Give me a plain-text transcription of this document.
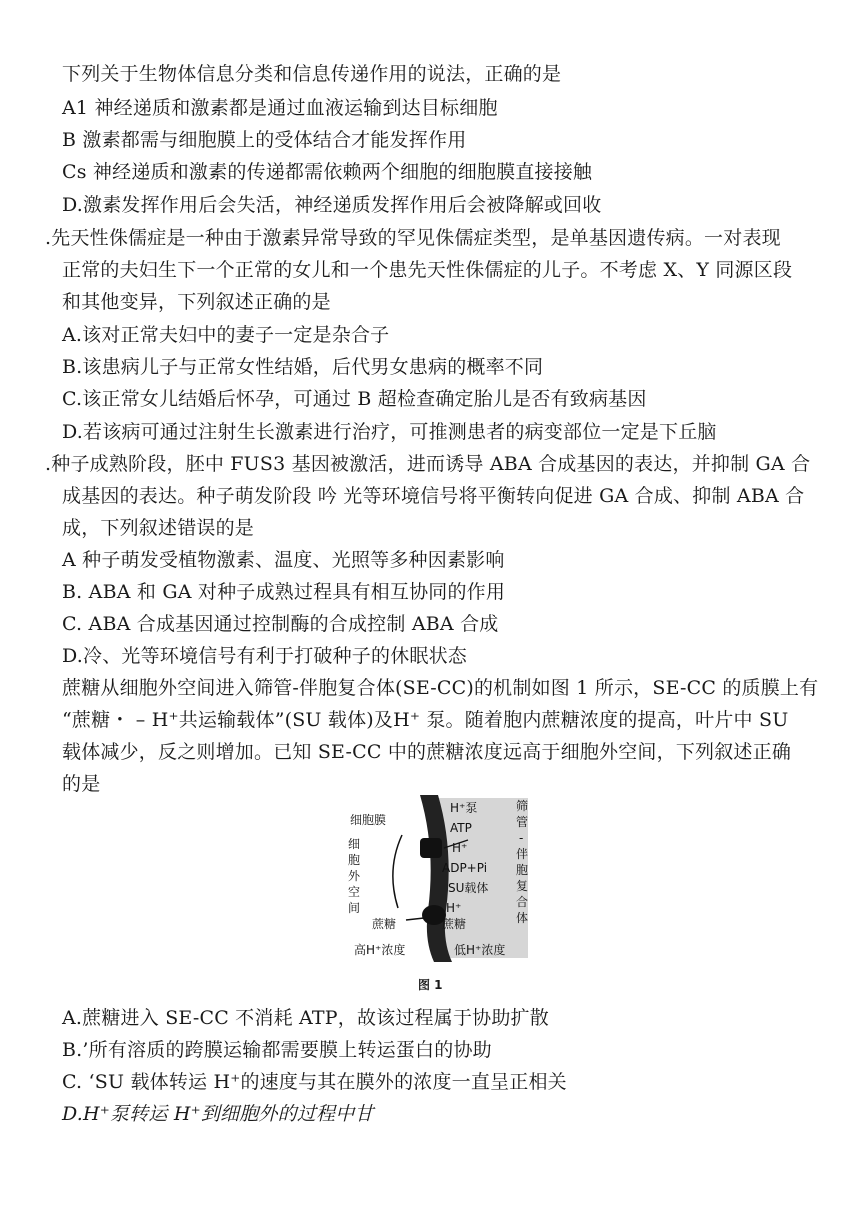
下列关于生物体信息分类和信息传递作用的说法，正确的是
A1 神经递质和激素都是通过血液运输到达目标细胞
B 激素都需与细胞膜上的受体结合才能发挥作用
Cs 神经递质和激素的传递都需依赖两个细胞的细胞膜直接接触
D.激素发挥作用后会失活，神经递质发挥作用后会被降解或回收
.先天性侏儒症是一种由于激素异常导致的罕见侏儒症类型，是单基因遗传病。一对表现
正常的夫妇生下一个正常的女儿和一个患先天性侏儒症的儿子。不考虑 X、Y 同源区段
和其他变异，下列叙述正确的是
A.该对正常夫妇中的妻子一定是杂合子
B.该患病儿子与正常女性结婚，后代男女患病的概率不同
C.该正常女儿结婚后怀孕，可通过 B 超检查确定胎儿是否有致病基因
D.若该病可通过注射生长激素进行治疗，可推测患者的病变部位一定是下丘脑
.种子成熟阶段，胚中 FUS3 基因被激活，进而诱导 ABA 合成基因的表达，并抑制 GA 合
成基因的表达。种子萌发阶段 吟 光等环境信号将平衡转向促进 GA 合成、抑制 ABA 合
成，下列叙述错误的是
A 种子萌发受植物激素、温度、光照等多种因素影响
B. ABA 和 GA 对种子成熟过程具有相互协同的作用
C. ABA 合成基因通过控制酶的合成控制 ABA 合成
D.冷、光等环境信号有利于打破种子的休眠状态
蔗糖从细胞外空间进入筛管-伴胞复合体(SE-CC)的机制如图 1 所示，SE-CC 的质膜上有
“蔗糖・ – H⁺共运输载体”(SU 载体)及H⁺ 泵。随着胞内蔗糖浓度的提高，叶片中 SU
载体减少，反之则增加。已知 SE-CC 中的蔗糖浓度远高于细胞外空间，下列叙述正确
的是
细胞膜
细
胞
外
空
间
H⁺泵
ATP
H⁺
ADP+Pi
SU载体
H⁺
蔗糖
蔗糖
高H⁺浓度	低H⁺浓度
筛
管
-
伴
胞
复
合
体
图 1
A.蔗糖进入 SE-CC 不消耗 ATP，故该过程属于协助扩散
B.’所有溶质的跨膜运输都需要膜上转运蛋白的协助
C. ‘SU 载体转运 H⁺的速度与其在膜外的浓度一直呈正相关
D.H⁺泵转运 H⁺到细胞外的过程中甘
